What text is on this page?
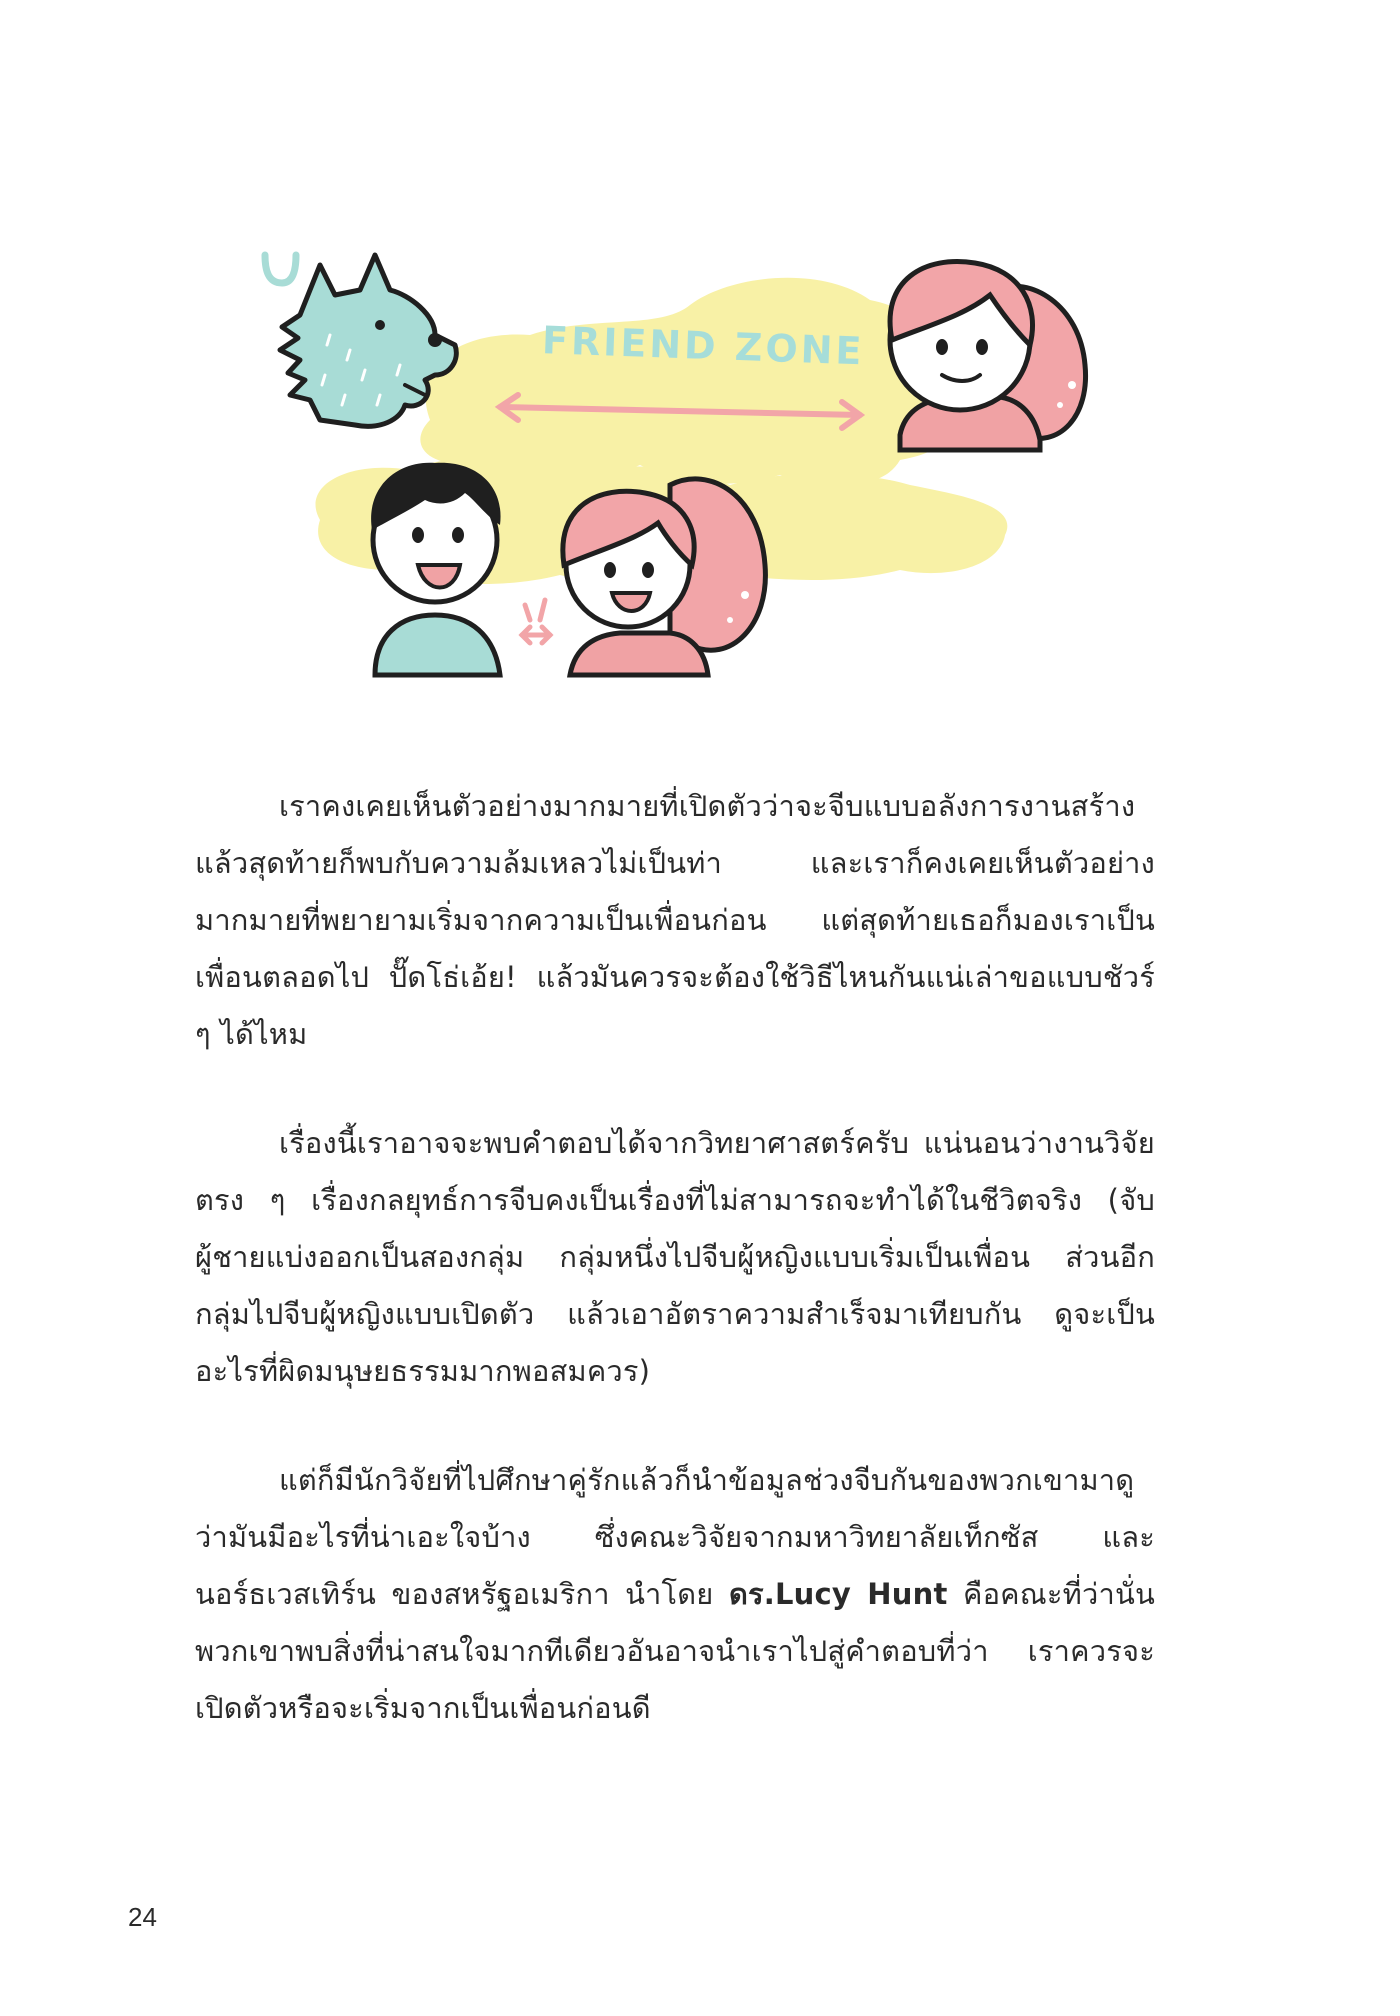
FRIEND ZONE

เราคงเคยเห็นตัวอย่างมากมายที่เปิดตัวว่าจะจีบแบบอลังการงานสร้าง แล้วสุดท้ายก็พบกับความล้มเหลวไม่เป็นท่า และเราก็คงเคยเห็นตัวอย่างมากมายที่พยายามเริ่มจากความเป็นเพื่อนก่อน แต่สุดท้ายเธอก็มองเราเป็นเพื่อนตลอดไป ปั๊ดโธ่เอ้ย! แล้วมันควรจะต้องใช้วิธีไหนกันแน่เล่าขอแบบชัวร์ ๆ ได้ไหม

เรื่องนี้เราอาจจะพบคำตอบได้จากวิทยาศาสตร์ครับ แน่นอนว่างานวิจัยตรง ๆ เรื่องกลยุทธ์การจีบคงเป็นเรื่องที่ไม่สามารถจะทำได้ในชีวิตจริง (จับผู้ชายแบ่งออกเป็นสองกลุ่ม กลุ่มหนึ่งไปจีบผู้หญิงแบบเริ่มเป็นเพื่อน ส่วนอีกกลุ่มไปจีบผู้หญิงแบบเปิดตัว แล้วเอาอัตราความสำเร็จมาเทียบกัน ดูจะเป็นอะไรที่ผิดมนุษยธรรมมากพอสมควร)

แต่ก็มีนักวิจัยที่ไปศึกษาคู่รักแล้วก็นำข้อมูลช่วงจีบกันของพวกเขามาดูว่ามันมีอะไรที่น่าเอะใจบ้าง ซึ่งคณะวิจัยจากมหาวิทยาลัยเท็กซัส และนอร์ธเวสเทิร์น ของสหรัฐอเมริกา นำโดย ดร.Lucy Hunt คือคณะที่ว่านั่น พวกเขาพบสิ่งที่น่าสนใจมากทีเดียวอันอาจนำเราไปสู่คำตอบที่ว่า เราควรจะเปิดตัวหรือจะเริ่มจากเป็นเพื่อนก่อนดี

24
